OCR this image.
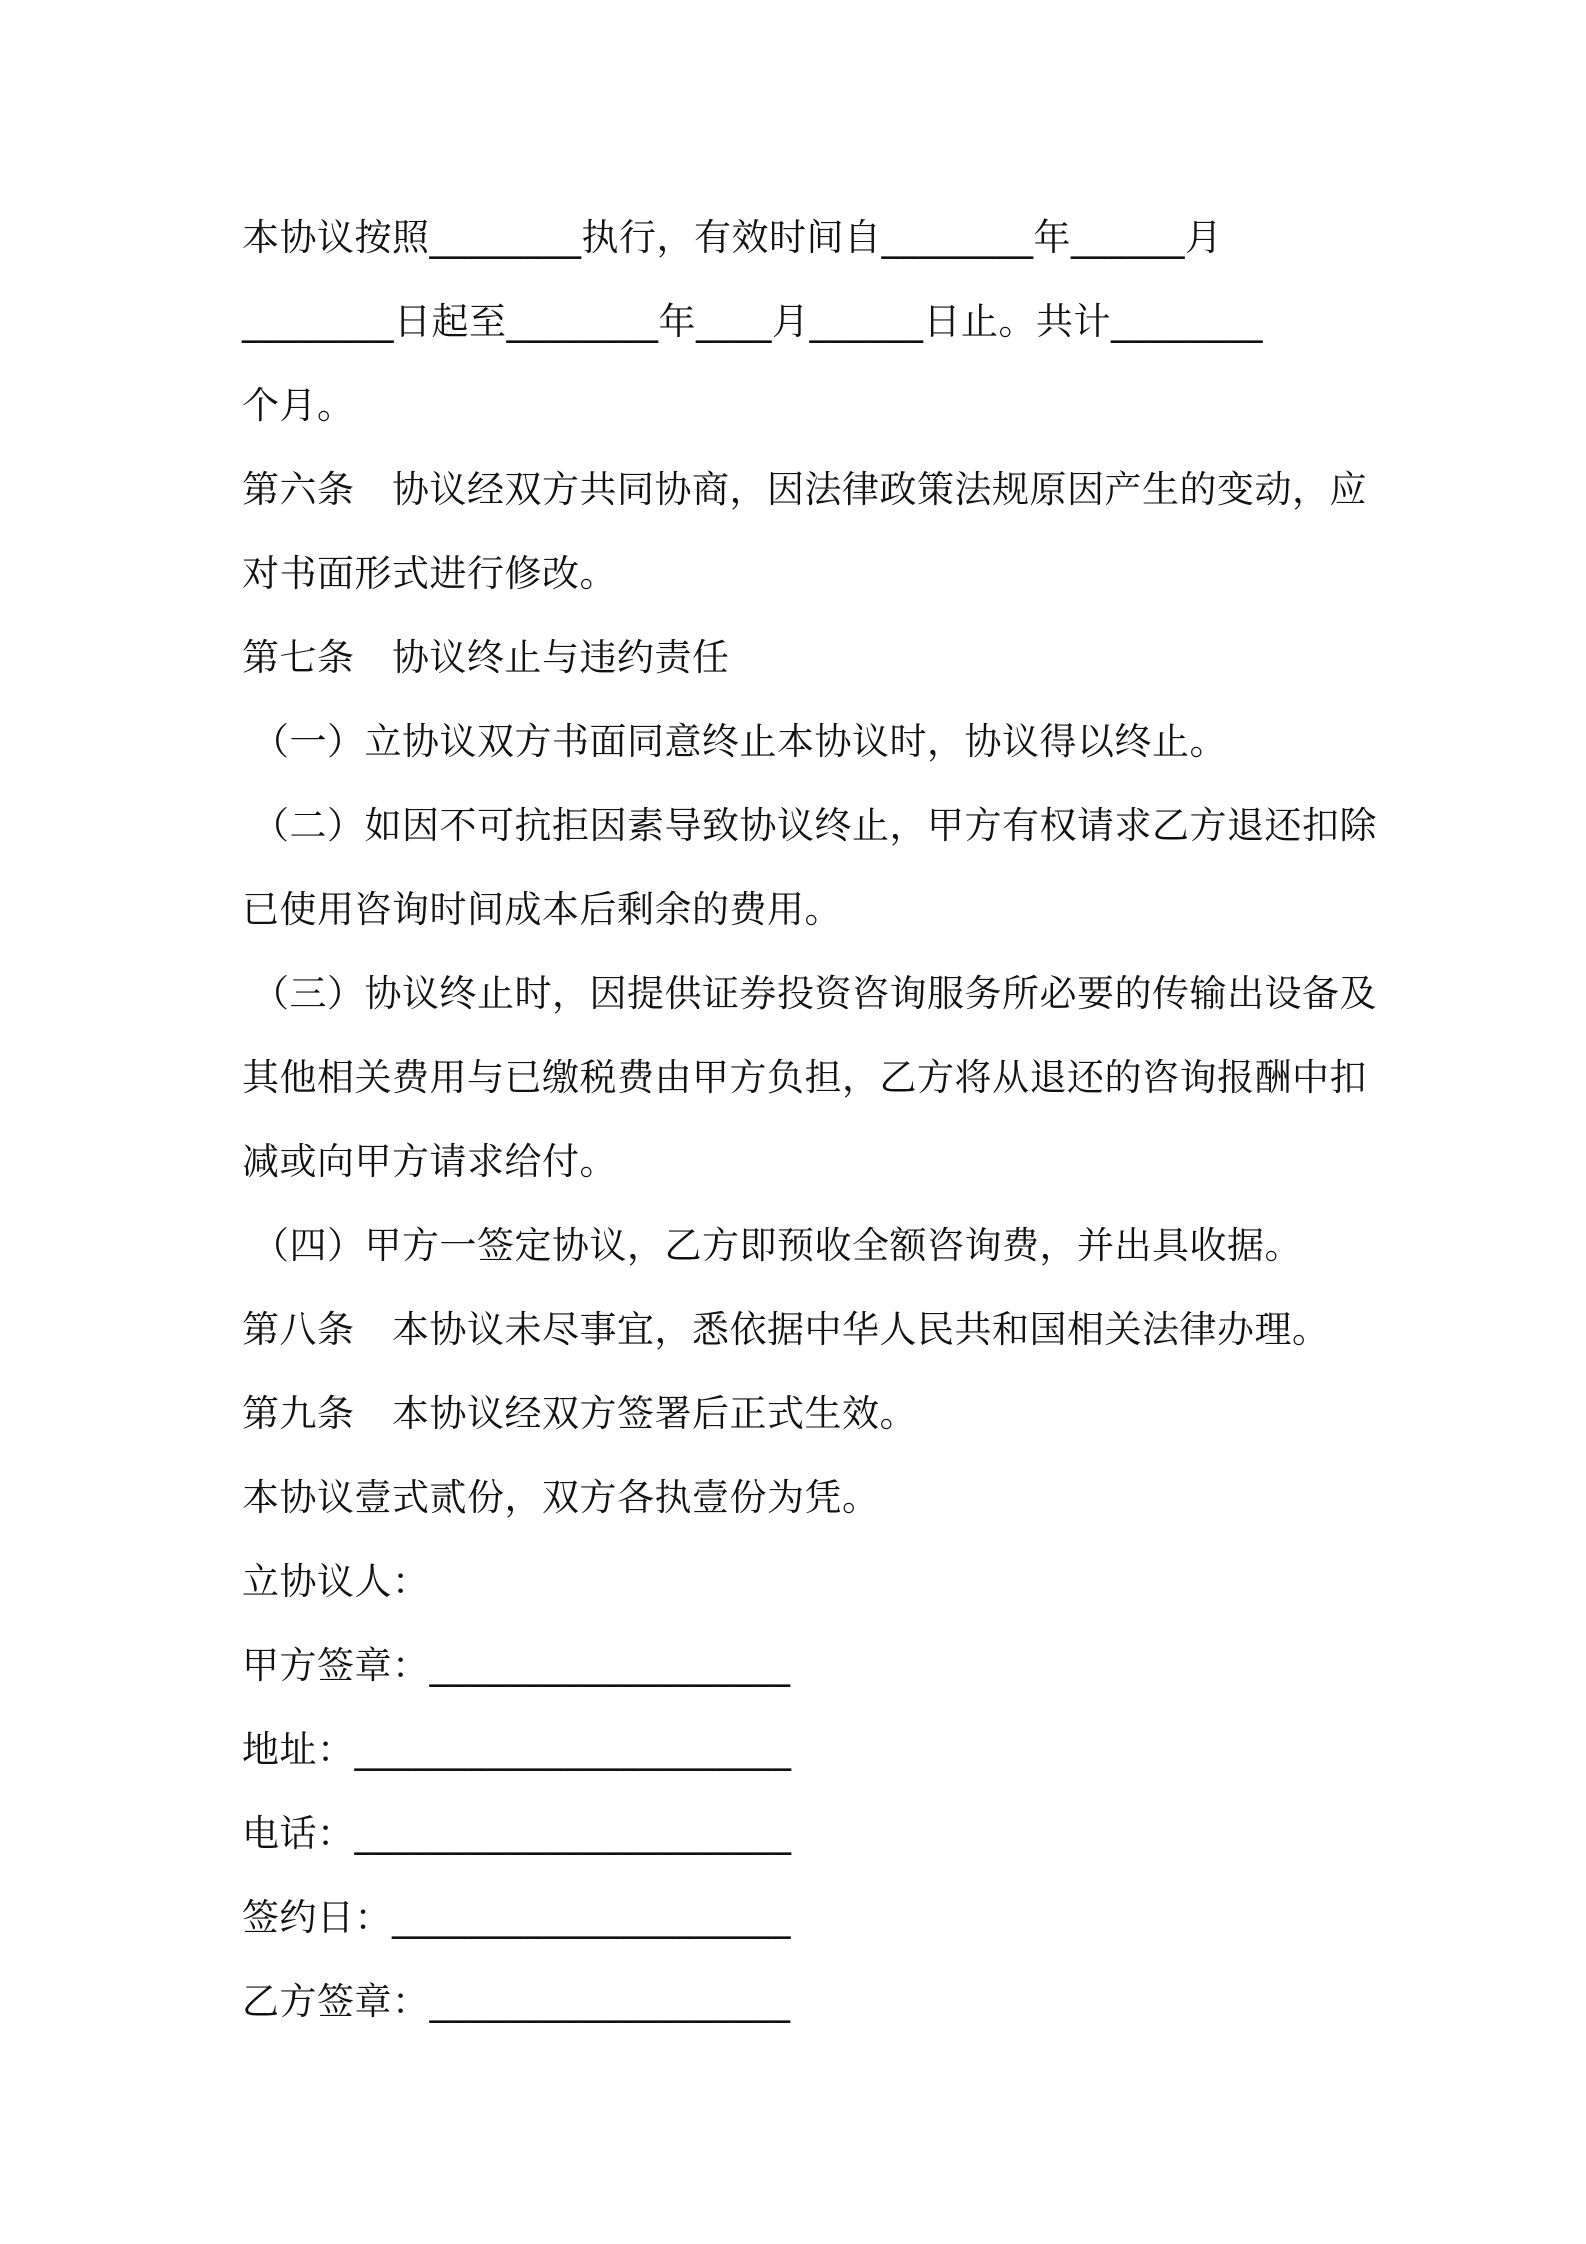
本协议按照________执行，有效时间自________年______月
________日起至________年____月______日止。共计________
个月。
第六条　协议经双方共同协商，因法律政策法规原因产生的变动，应
对书面形式进行修改。
第七条　协议终止与违约责任
（一）立协议双方书面同意终止本协议时，协议得以终止。
（二）如因不可抗拒因素导致协议终止，甲方有权请求乙方退还扣除
已使用咨询时间成本后剩余的费用。
（三）协议终止时，因提供证券投资咨询服务所必要的传输出设备及
其他相关费用与已缴税费由甲方负担，乙方将从退还的咨询报酬中扣
减或向甲方请求给付。
（四）甲方一签定协议，乙方即预收全额咨询费，并出具收据。
第八条　本协议未尽事宜，悉依据中华人民共和国相关法律办理。
第九条　本协议经双方签署后正式生效。
本协议壹式贰份，双方各执壹份为凭。
立协议人：
甲方签章：___________________
地址：_______________________
电话：_______________________
签约日：_____________________
乙方签章：___________________
